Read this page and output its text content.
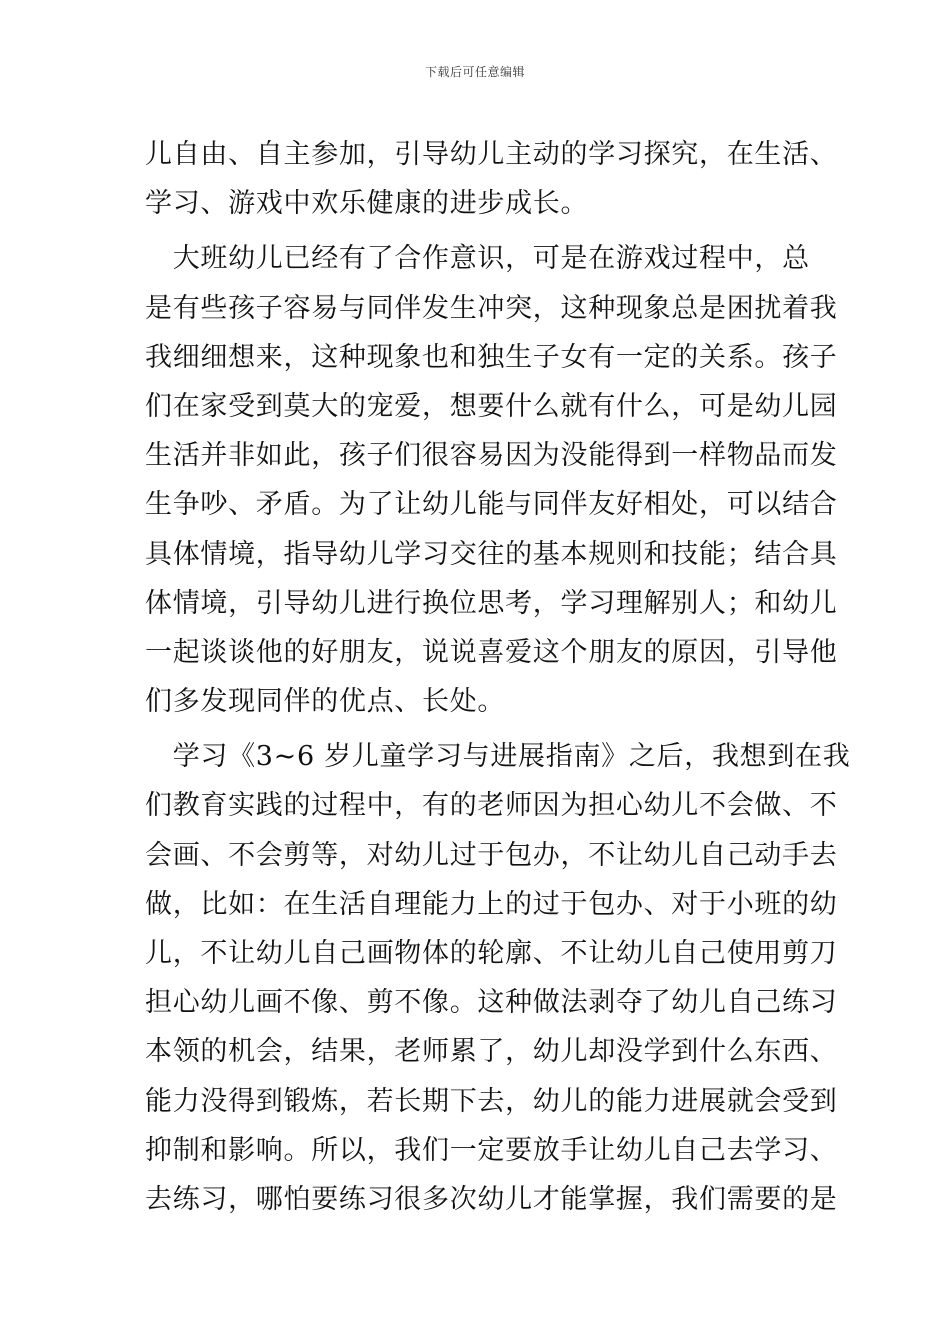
下载后可任意编辑
儿自由、自主参加，引导幼儿主动的学习探究，在生活、
学习、游戏中欢乐健康的进步成长。
　大班幼儿已经有了合作意识，可是在游戏过程中，总
是有些孩子容易与同伴发生冲突，这种现象总是困扰着我
我细细想来，这种现象也和独生子女有一定的关系。孩子
们在家受到莫大的宠爱，想要什么就有什么，可是幼儿园
生活并非如此，孩子们很容易因为没能得到一样物品而发
生争吵、矛盾。为了让幼儿能与同伴友好相处，可以结合
具体情境，指导幼儿学习交往的基本规则和技能；结合具
体情境，引导幼儿进行换位思考，学习理解别人；和幼儿
一起谈谈他的好朋友，说说喜爱这个朋友的原因，引导他
们多发现同伴的优点、长处。
　学习《3~6 岁儿童学习与进展指南》之后，我想到在我
们教育实践的过程中，有的老师因为担心幼儿不会做、不
会画、不会剪等，对幼儿过于包办，不让幼儿自己动手去
做，比如：在生活自理能力上的过于包办、对于小班的幼
儿，不让幼儿自己画物体的轮廓、不让幼儿自己使用剪刀
担心幼儿画不像、剪不像。这种做法剥夺了幼儿自己练习
本领的机会，结果，老师累了，幼儿却没学到什么东西、
能力没得到锻炼，若长期下去，幼儿的能力进展就会受到
抑制和影响。所以，我们一定要放手让幼儿自己去学习、
去练习，哪怕要练习很多次幼儿才能掌握，我们需要的是
